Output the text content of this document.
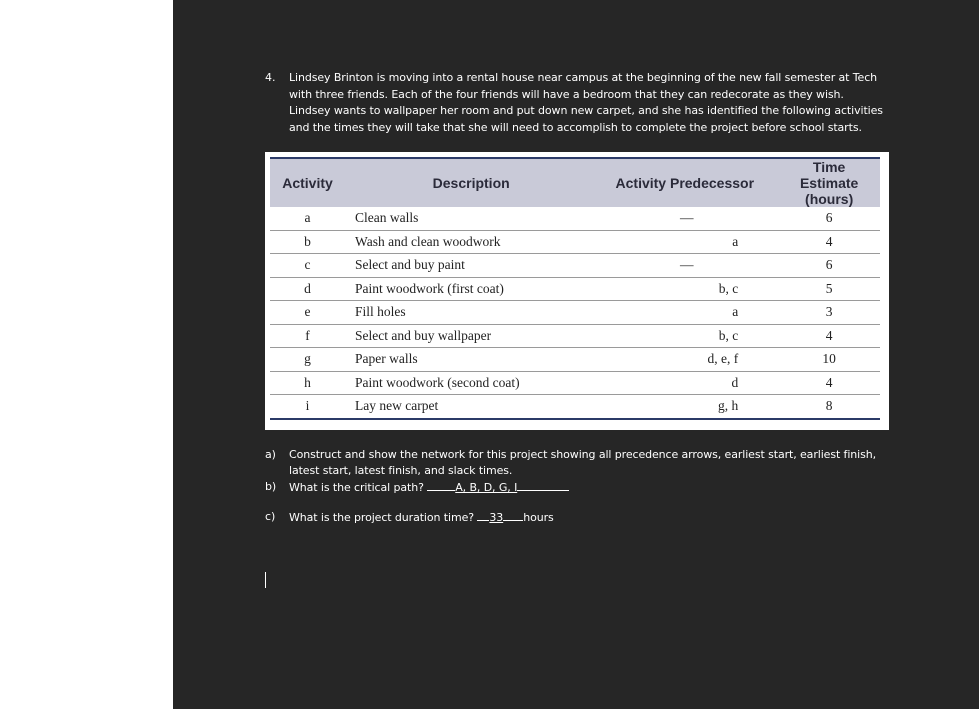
4. Lindsey Brinton is moving into a rental house near campus at the beginning of the new fall semester at Tech with three friends. Each of the four friends will have a bedroom that they can redecorate as they wish. Lindsey wants to wallpaper her room and put down new carpet, and she has identified the following activities and the times they will take that she will need to accomplish to complete the project before school starts.
Activity	Description	Activity Predecessor	Time Estimate (hours)
a	Clean walls	—	6
b	Wash and clean woodwork	a	4
c	Select and buy paint	—	6
d	Paint woodwork (first coat)	b, c	5
e	Fill holes	a	3
f	Select and buy wallpaper	b, c	4
g	Paper walls	d, e, f	10
h	Paint woodwork (second coat)	d	4
i	Lay new carpet	g, h	8
a) Construct and show the network for this project showing all precedence arrows, earliest start, earliest finish, latest start, latest finish, and slack times.
b) What is the critical path?	A, B, D, G, I
c) What is the project duration time? 33 hours
